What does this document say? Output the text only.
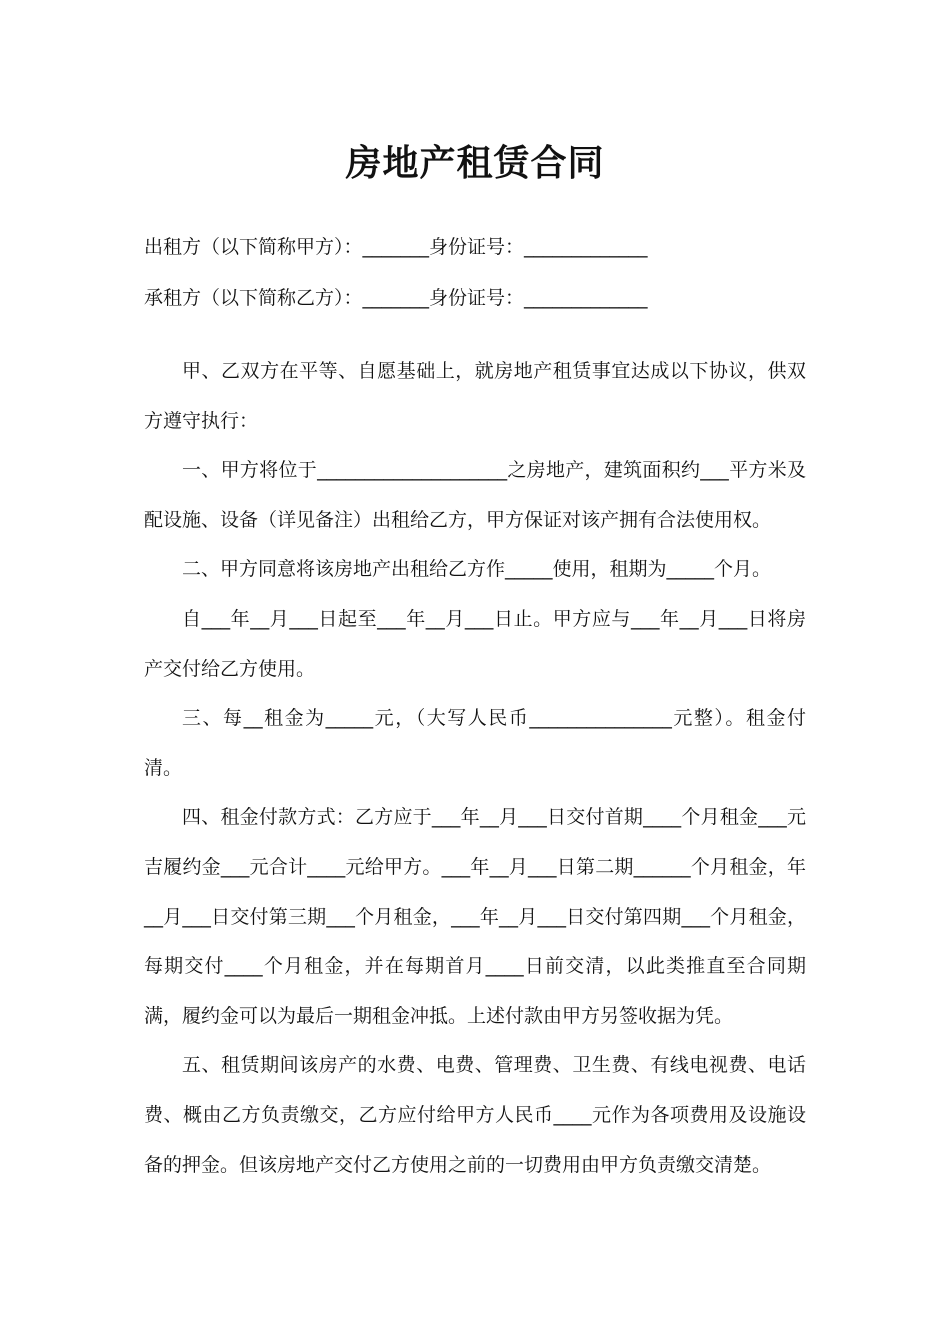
房地产租赁合同
出租方（以下简称甲方）：_______身份证号：_____________
承租方（以下简称乙方）：_______身份证号：_____________

甲、乙双方在平等、自愿基础上，就房地产租赁事宜达成以下协议，供双方遵守执行：

一、甲方将位于____________________之房地产，建筑面积约___平方米及配设施、设备（详见备注）出租给乙方，甲方保证对该产拥有合法使用权。

二、甲方同意将该房地产出租给乙方作_____使用，租期为_____个月。

自___年__月___日起至___年__月___日止。甲方应与___年__月___日将房产交付给乙方使用。

三、每__租金为_____元，（大写人民币_______________元整）。租金付清。

四、租金付款方式：乙方应于___年__月___日交付首期____个月租金___元吉履约金___元合计____元给甲方。___年__月___日第二期______个月租金，年__月___日交付第三期___个月租金，___年__月___日交付第四期___个月租金，每期交付____个月租金，并在每期首月____日前交清，以此类推直至合同期满，履约金可以为最后一期租金冲抵。上述付款由甲方另签收据为凭。

五、租赁期间该房产的水费、电费、管理费、卫生费、有线电视费、电话费、概由乙方负责缴交，乙方应付给甲方人民币____元作为各项费用及设施设备的押金。但该房地产交付乙方使用之前的一切费用由甲方负责缴交清楚。
